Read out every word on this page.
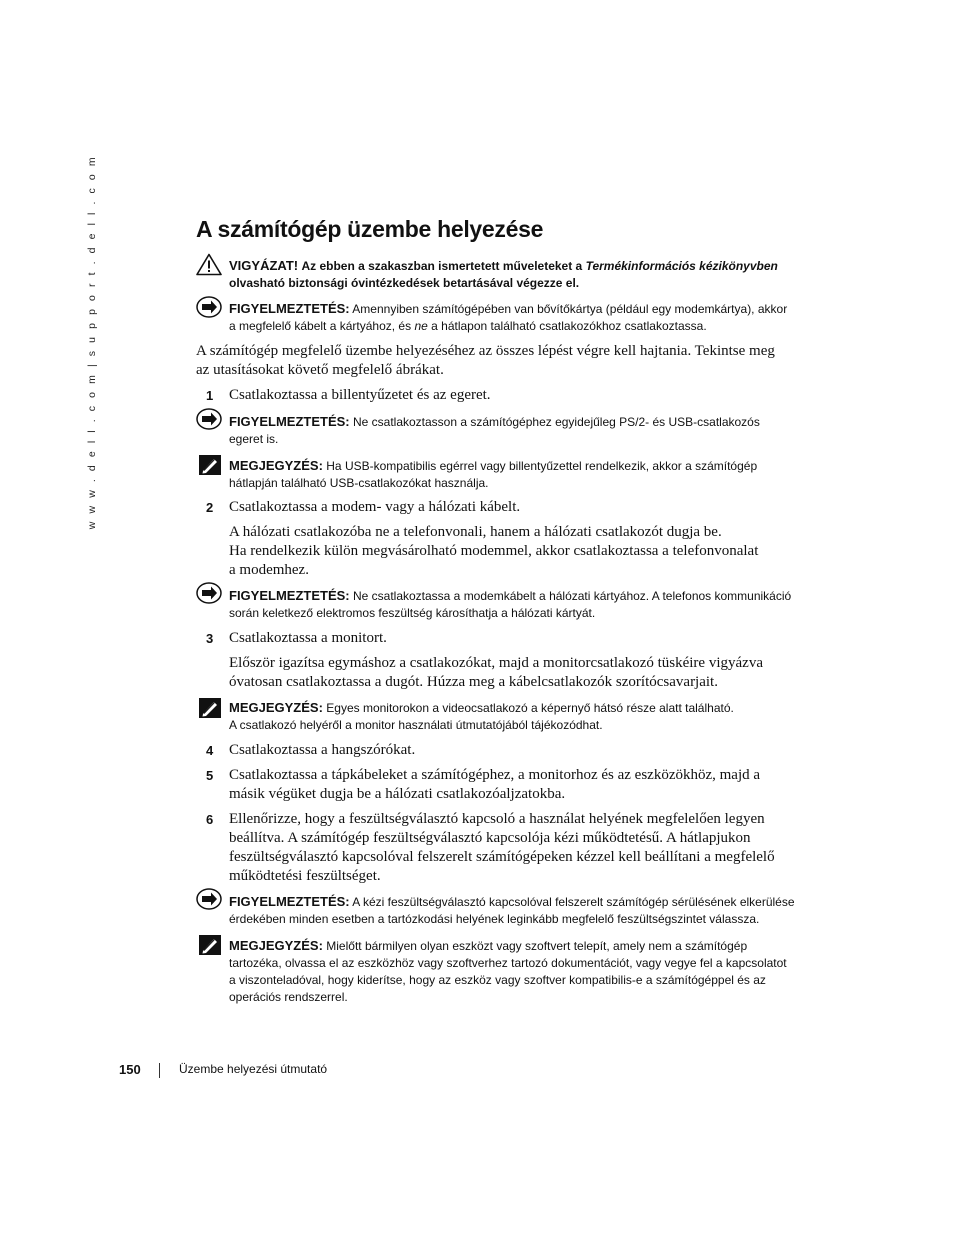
w w w . d e l l . c o m | s u p p o r t . d e l l . c o m	A számítógép üzembe helyezése
VIGYÁZAT! Az ebben a szakaszban ismertetett műveleteket a Termékinformációs kézikönyvben
olvasható biztonsági óvintézkedések betartásával végezze el.
FIGYELMEZTETÉS: Amennyiben számítógépében van bővítőkártya (például egy modemkártya), akkor
a megfelelő kábelt a kártyához, és ne a hátlapon található csatlakozókhoz csatlakoztassa.
A számítógép megfelelő üzembe helyezéséhez az összes lépést végre kell hajtania. Tekintse meg
az utasításokat követő megfelelő ábrákat.
1 Csatlakoztassa a billentyűzetet és az egeret.
FIGYELMEZTETÉS: Ne csatlakoztasson a számítógéphez egyidejűleg PS/2- és USB-csatlakozós
egeret is.
MEGJEGYZÉS: Ha USB-kompatibilis egérrel vagy billentyűzettel rendelkezik, akkor a számítógép
hátlapján található USB-csatlakozókat használja.
2 Csatlakoztassa a modem- vagy a hálózati kábelt.
A hálózati csatlakozóba ne a telefonvonali, hanem a hálózati csatlakozót dugja be.
Ha rendelkezik külön megvásárolható modemmel, akkor csatlakoztassa a telefonvonalat
a modemhez.
FIGYELMEZTETÉS: Ne csatlakoztassa a modemkábelt a hálózati kártyához. A telefonos kommunikáció
során keletkező elektromos feszültség károsíthatja a hálózati kártyát.
3 Csatlakoztassa a monitort.
Először igazítsa egymáshoz a csatlakozókat, majd a monitorcsatlakozó tüskéire vigyázva
óvatosan csatlakoztassa a dugót. Húzza meg a kábelcsatlakozók szorítócsavarjait.
MEGJEGYZÉS: Egyes monitorokon a videocsatlakozó a képernyő hátsó része alatt található.
A csatlakozó helyéről a monitor használati útmutatójából tájékozódhat.
4 Csatlakoztassa a hangszórókat.
5 Csatlakoztassa a tápkábeleket a számítógéphez, a monitorhoz és az eszközökhöz, majd a
másik végüket dugja be a hálózati csatlakozóaljzatokba.
6 Ellenőrizze, hogy a feszültségválasztó kapcsoló a használat helyének megfelelően legyen
beállítva. A számítógép feszültségválasztó kapcsolója kézi működtetésű. A hátlapjukon
feszültségválasztó kapcsolóval felszerelt számítógépeken kézzel kell beállítani a megfelelő
működtetési feszültséget.
FIGYELMEZTETÉS: A kézi feszültségválasztó kapcsolóval felszerelt számítógép sérülésének elkerülése
érdekében minden esetben a tartózkodási helyének leginkább megfelelő feszültségszintet válassza.
MEGJEGYZÉS: Mielőtt bármilyen olyan eszközt vagy szoftvert telepít, amely nem a számítógép
tartozéka, olvassa el az eszközhöz vagy szoftverhez tartozó dokumentációt, vagy vegye fel a kapcsolatot
a viszonteladóval, hogy kiderítse, hogy az eszköz vagy szoftver kompatibilis-e a számítógéppel és az
operációs rendszerrel.
150	Üzembe helyezési útmutató
